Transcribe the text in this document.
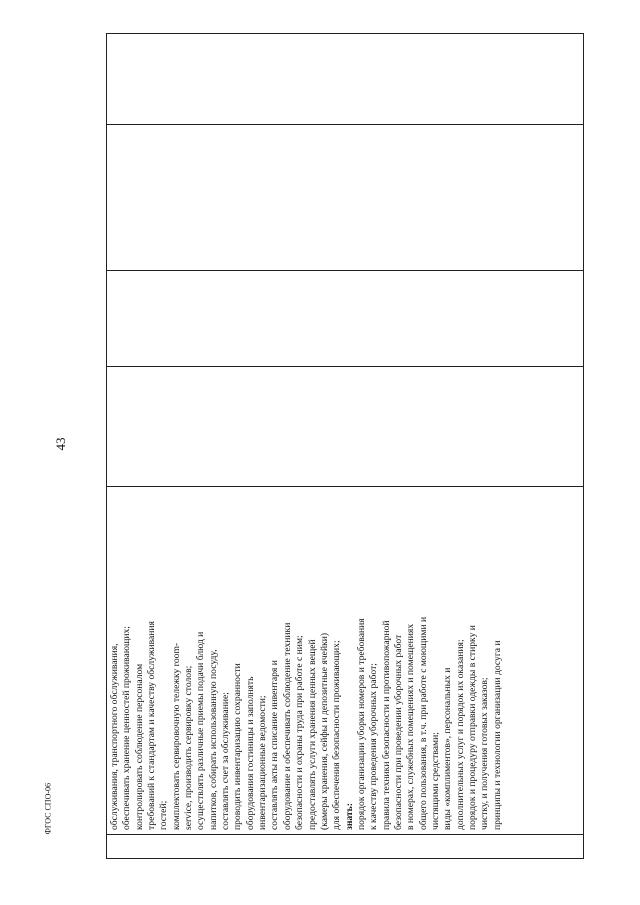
43
обслуживания, транспортного обслуживания, обеспечивать хранение ценностей проживающих; контролировать соблюдение персоналом требований к стандартам и качеству обслуживания гостей; комплектовать сервировочную тележку room- service, производить сервировку столов; осуществлять различные приемы подачи блюд и напитков, собирать использованную посуду, составлять счет за обслуживание; проводить инвентаризацию сохранности оборудования гостиницы и заполнять инвентаризационные ведомости; составлять акты на списание инвентаря и оборудование и обеспечивать соблюдение техники безопасности и охраны труда при работе с ним; предоставлять услуги хранения ценных вещей (камеры хранения, сейфы и депозитные ячейки) для обеспечения безопасности проживающих; знать: порядок организации уборки номеров и требования к качеству проведения уборочных работ; правила техники безопасности и противопожарной безопасности при проведении уборочных работ в номерах, служебных помещениях и помещениях общего пользования, в т.ч. при работе с моющими и чистящими средствами; виды «комплиментов», персональных и дополнительных услуг и порядок их оказания; порядок и процедуру отправки одежды в стирку и чистку, и получения готовых заказов; принципы и технологии организации досуга и
ФГОС СПО-06
